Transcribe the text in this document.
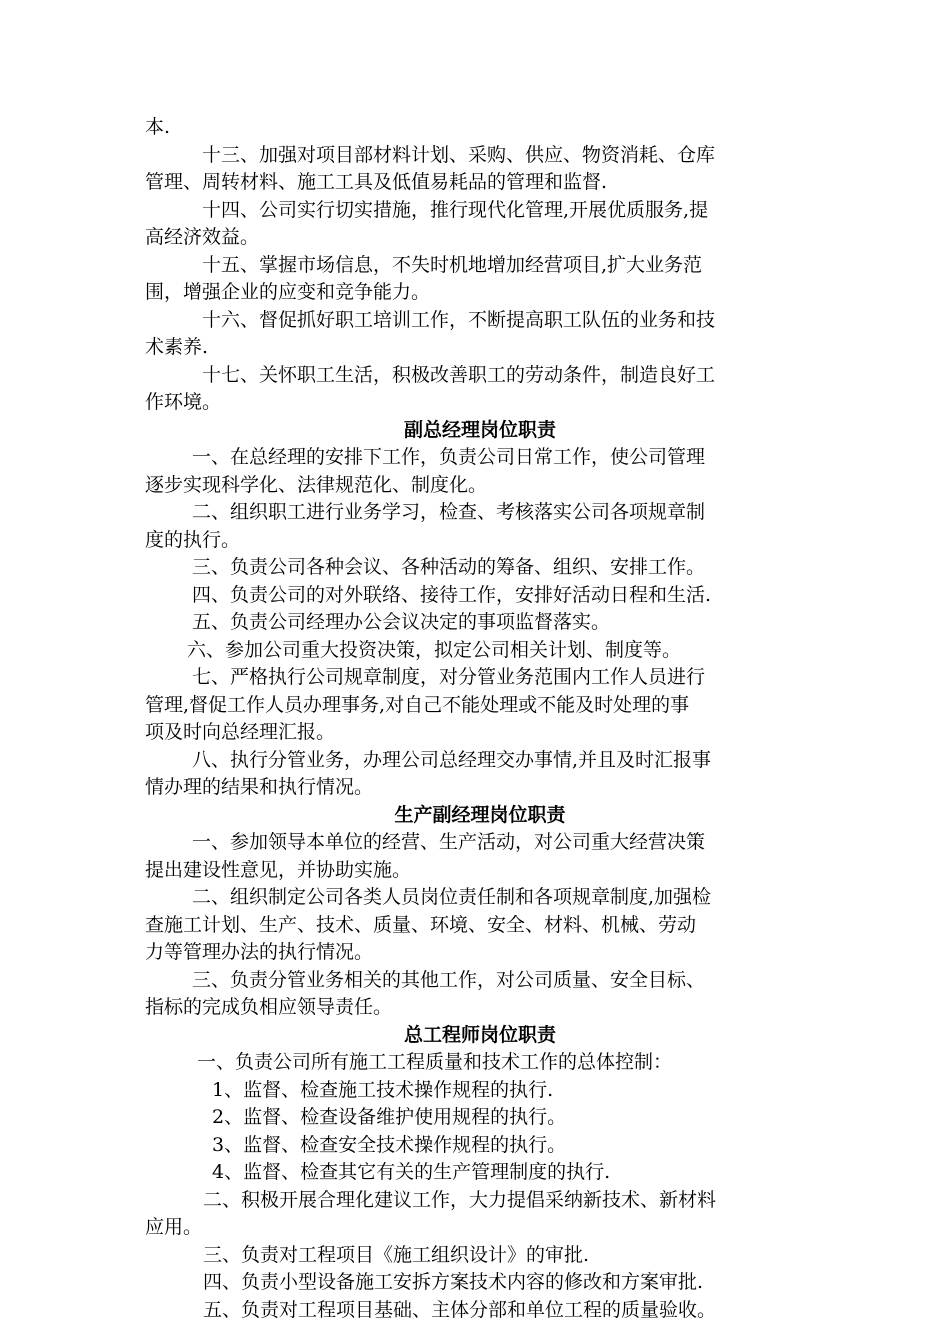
本.
十三、加强对项目部材料计划、采购、供应、物资消耗、仓库
管理、周转材料、施工工具及低值易耗品的管理和监督.
十四、公司实行切实措施，推行现代化管理,开展优质服务,提
高经济效益。
十五、掌握市场信息，不失时机地增加经营项目,扩大业务范
围，增强企业的应变和竞争能力。
十六、督促抓好职工培训工作，不断提高职工队伍的业务和技
术素养.
十七、关怀职工生活，积极改善职工的劳动条件，制造良好工
作环境。
副总经理岗位职责
一、在总经理的安排下工作，负责公司日常工作，使公司管理
逐步实现科学化、法律规范化、制度化。
二、组织职工进行业务学习，检查、考核落实公司各项规章制
度的执行。
三、负责公司各种会议、各种活动的筹备、组织、安排工作。
四、负责公司的对外联络、接待工作，安排好活动日程和生活.
五、负责公司经理办公会议决定的事项监督落实。
六、参加公司重大投资决策，拟定公司相关计划、制度等。
七、严格执行公司规章制度，对分管业务范围内工作人员进行
管理,督促工作人员办理事务,对自己不能处理或不能及时处理的事
项及时向总经理汇报。
八、执行分管业务，办理公司总经理交办事情,并且及时汇报事
情办理的结果和执行情况。
生产副经理岗位职责
一、参加领导本单位的经营、生产活动，对公司重大经营决策
提出建设性意见，并协助实施。
二、组织制定公司各类人员岗位责任制和各项规章制度,加强检
查施工计划、生产、技术、质量、环境、安全、材料、机械、劳动
力等管理办法的执行情况。
三、负责分管业务相关的其他工作，对公司质量、安全目标、
指标的完成负相应领导责任。
总工程师岗位职责
一、负责公司所有施工工程质量和技术工作的总体控制：
1、监督、检查施工技术操作规程的执行.
2、监督、检查设备维护使用规程的执行。
3、监督、检查安全技术操作规程的执行。
4、监督、检查其它有关的生产管理制度的执行.
二、积极开展合理化建议工作，大力提倡采纳新技术、新材料
应用。
三、负责对工程项目《施工组织设计》的审批.
四、负责小型设备施工安拆方案技术内容的修改和方案审批.
五、负责对工程项目基础、主体分部和单位工程的质量验收。
